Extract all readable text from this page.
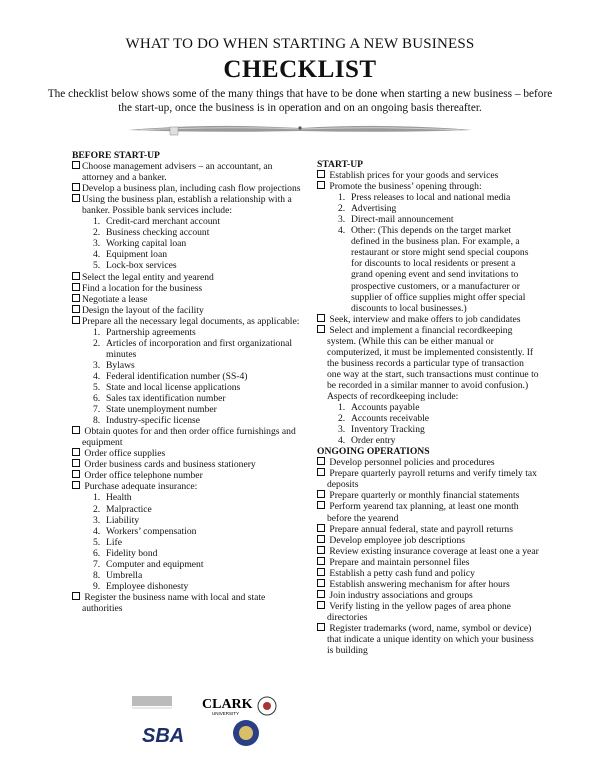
WHAT TO DO WHEN STARTING A NEW BUSINESS
CHECKLIST
The checklist below shows some of the many things that have to be done when starting a new business – before the start-up, once the business is in operation and on an ongoing basis thereafter.
BEFORE START-UP
Choose management advisers – an accountant, an attorney and a banker.
Develop a business plan, including cash flow projections
Using the business plan, establish a relationship with a banker. Possible bank services include:
1. Credit-card merchant account
2. Business checking account
3. Working capital loan
4. Equipment loan
5. Lock-box services
Select the legal entity and yearend
Find a location for the business
Negotiate a lease
Design the layout of the facility
Prepare all the necessary legal documents, as applicable:
1. Partnership agreements
2. Articles of incorporation and first organizational minutes
3. Bylaws
4. Federal identification number (SS-4)
5. State and local license applications
6. Sales tax identification number
7. State unemployment number
8. Industry-specific license
Obtain quotes for and then order office furnishings and equipment
Order office supplies
Order business cards and business stationery
Order office telephone number
Purchase adequate insurance:
1. Health
2. Malpractice
3. Liability
4. Workers’ compensation
5. Life
6. Fidelity bond
7. Computer and equipment
8. Umbrella
9. Employee dishonesty
Register the business name with local and state authorities
START-UP
Establish prices for your goods and services
Promote the business’ opening through:
1. Press releases to local and national media
2. Advertising
3. Direct-mail announcement
4. Other: (This depends on the target market defined in the business plan. For example, a restaurant or store might send special coupons for discounts to local residents or present a grand opening event and send invitations to prospective customers, or a manufacturer or supplier of office supplies might offer special discounts to local businesses.)
Seek, interview and make offers to job candidates
Select and implement a financial recordkeeping system. (While this can be either manual or computerized, it must be implemented consistently. If the business records a particular type of transaction one way at the start, such transactions must continue to be recorded in a similar manner to avoid confusion.) Aspects of recordkeeping include:
1. Accounts payable
2. Accounts receivable
3. Inventory Tracking
4. Order entry
ONGOING OPERATIONS
Develop personnel policies and procedures
Prepare quarterly payroll returns and verify timely tax deposits
Prepare quarterly or monthly financial statements
Perform yearend tax planning, at least one month before the yearend
Prepare annual federal, state and payroll returns
Develop employee job descriptions
Review existing insurance coverage at least one a year
Prepare and maintain personnel files
Establish a petty cash fund and policy
Establish answering mechanism for after hours
Join industry associations and groups
Verify listing in the yellow pages of area phone directories
Register trademarks (word, name, symbol or device) that indicate a unique identity on which your business is building
CLARK
UNIVERSITY
SBA
